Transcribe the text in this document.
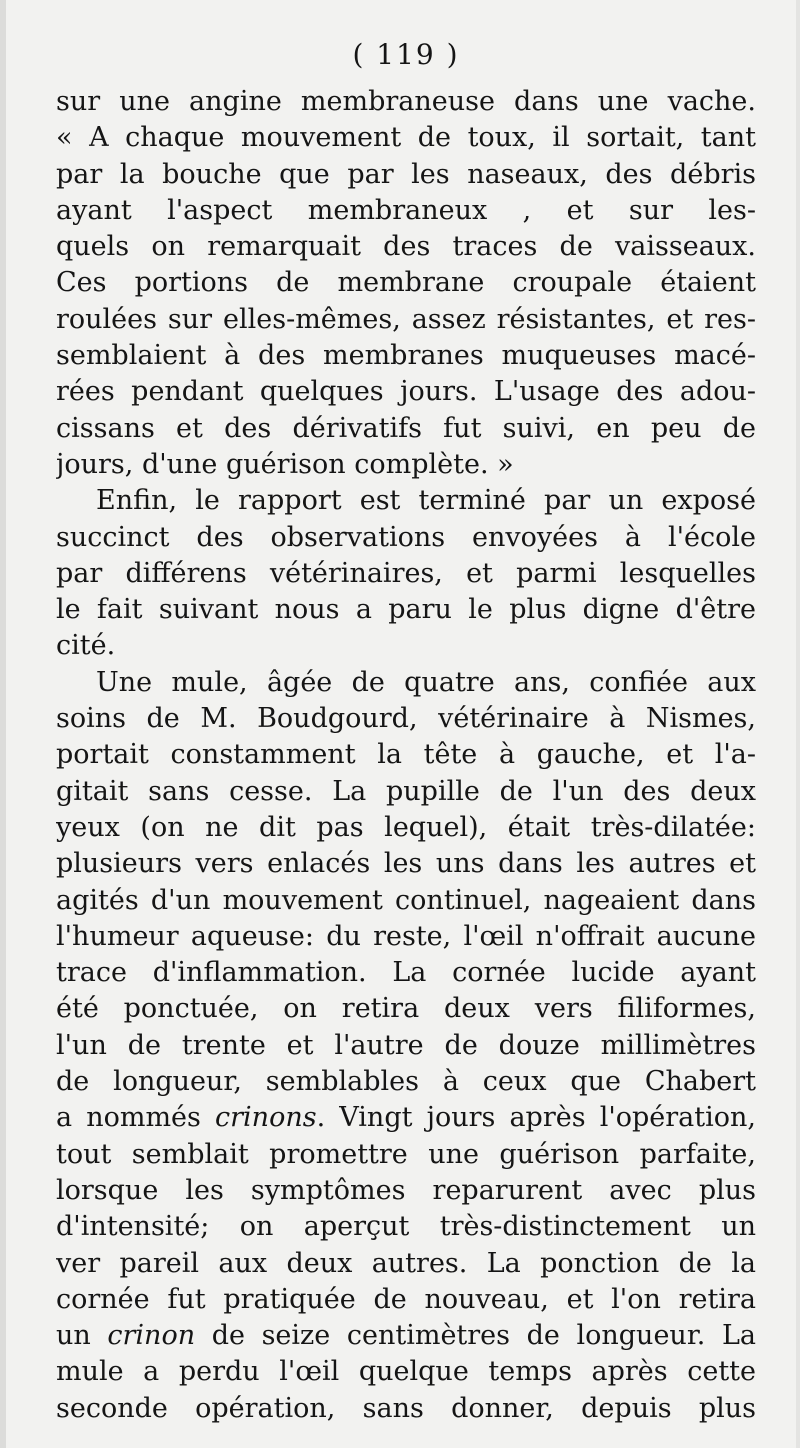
( 119 )
sur une angine membraneuse dans une vache.
« A chaque mouvement de toux, il sortait, tant
par la bouche que par les naseaux, des débris
ayant l'aspect membraneux , et sur les-
quels on remarquait des traces de vaisseaux.
Ces portions de membrane croupale étaient
roulées sur elles-mêmes, assez résistantes, et res-
semblaient à des membranes muqueuses macé-
rées pendant quelques jours. L'usage des adou-
cissans et des dérivatifs fut suivi, en peu de
jours, d'une guérison complète. »
Enfin, le rapport est terminé par un exposé
succinct des observations envoyées à l'école
par différens vétérinaires, et parmi lesquelles
le fait suivant nous a paru le plus digne d'être
cité.
Une mule, âgée de quatre ans, confiée aux
soins de M. Boudgourd, vétérinaire à Nismes,
portait constamment la tête à gauche, et l'a-
gitait sans cesse. La pupille de l'un des deux
yeux (on ne dit pas lequel), était très-dilatée:
plusieurs vers enlacés les uns dans les autres et
agités d'un mouvement continuel, nageaient dans
l'humeur aqueuse: du reste, l'œil n'offrait aucune
trace d'inflammation. La cornée lucide ayant
été ponctuée, on retira deux vers filiformes,
l'un de trente et l'autre de douze millimètres
de longueur, semblables à ceux que Chabert
a nommés crinons. Vingt jours après l'opération,
tout semblait promettre une guérison parfaite,
lorsque les symptômes reparurent avec plus
d'intensité; on aperçut très-distinctement un
ver pareil aux deux autres. La ponction de la
cornée fut pratiquée de nouveau, et l'on retira
un crinon de seize centimètres de longueur. La
mule a perdu l'œil quelque temps après cette
seconde opération, sans donner, depuis plus
